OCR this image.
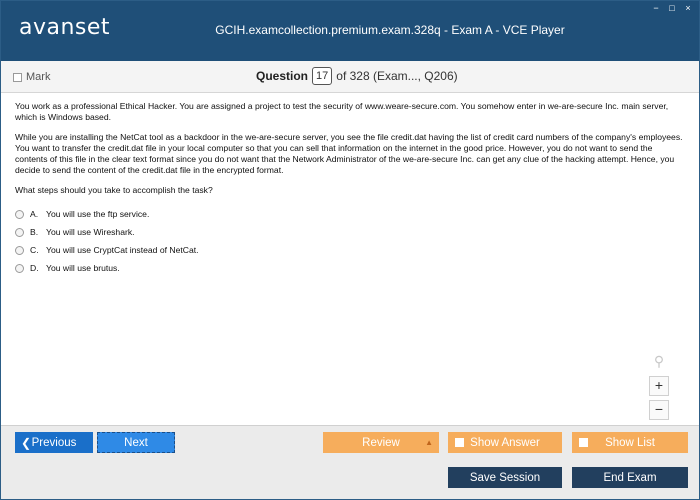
avanset	GCIH.examcollection.premium.exam.328q - Exam A - VCE Player
− □ ×
Mark	Question 17 of 328 (Exam..., Q206)

You work as a professional Ethical Hacker. You are assigned a project to test the security of www.weare-secure.com. You somehow enter in we-are-secure Inc. main server, which is Windows based.

While you are installing the NetCat tool as a backdoor in the we-are-secure server, you see the file credit.dat having the list of credit card numbers of the company's employees. You want to transfer the credit.dat file in your local computer so that you can sell that information on the internet in the good price. However, you do not want to send the contents of this file in the clear text format since you do not want that the Network Administrator of the we-are-secure Inc. can get any clue of the hacking attempt. Hence, you decide to send the content of the credit.dat file in the encrypted format.

What steps should you take to accomplish the task?

A. You will use the ftp service.
B. You will use Wireshark.
C. You will use CryptCat instead of NetCat.
D. You will use brutus.
⚲
+
−
❮ Previous	Next	Review	▲	Show Answer	Show List
Save Session	End Exam
